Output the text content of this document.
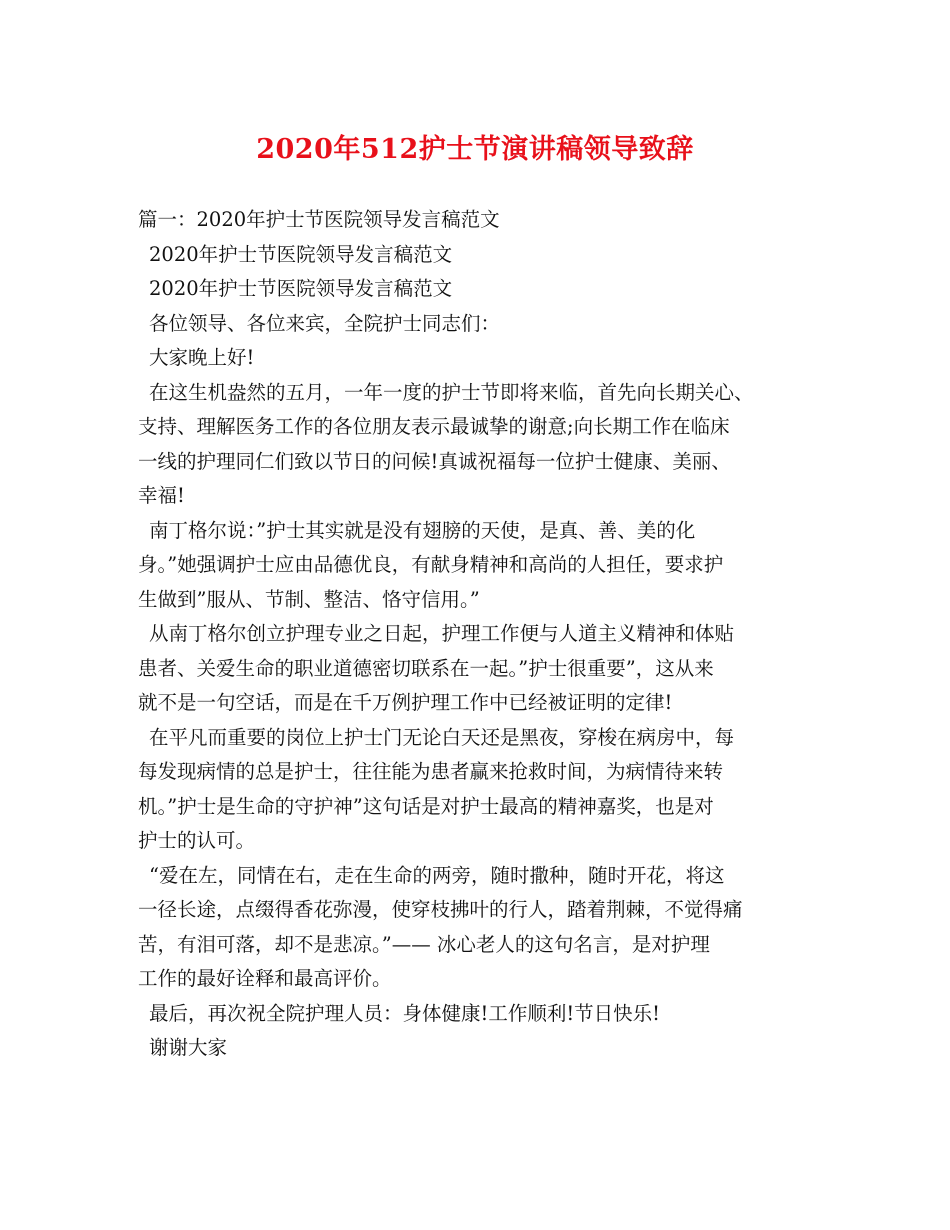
2020年512护士节演讲稿领导致辞
篇一：2020年护士节医院领导发言稿范文
2020年护士节医院领导发言稿范文
2020年护士节医院领导发言稿范文
各位领导、各位来宾，全院护士同志们：
大家晚上好!
在这生机盎然的五月，一年一度的护士节即将来临，首先向长期关心、
支持、理解医务工作的各位朋友表示最诚挚的谢意;向长期工作在临床
一线的护理同仁们致以节日的问候!真诚祝福每一位护士健康、美丽、
幸福!
南丁格尔说：”护士其实就是没有翅膀的天使，是真、善、美的化
身。”她强调护士应由品德优良，有献身精神和高尚的人担任，要求护
生做到”服从、节制、整洁、恪守信用。”
从南丁格尔创立护理专业之日起，护理工作便与人道主义精神和体贴
患者、关爱生命的职业道德密切联系在一起。”护士很重要”，这从来
就不是一句空话，而是在千万例护理工作中已经被证明的定律!
在平凡而重要的岗位上护士门无论白天还是黑夜，穿梭在病房中，每
每发现病情的总是护士，往往能为患者赢来抢救时间，为病情待来转
机。”护士是生命的守护神”这句话是对护士最高的精神嘉奖，也是对
护士的认可。
“爱在左，同情在右，走在生命的两旁，随时撒种，随时开花，将这
一径长途，点缀得香花弥漫，使穿枝拂叶的行人，踏着荆棘，不觉得痛
苦，有泪可落，却不是悲凉。”—— 冰心老人的这句名言，是对护理
工作的最好诠释和最高评价。
最后，再次祝全院护理人员：身体健康!工作顺利!节日快乐!
谢谢大家
